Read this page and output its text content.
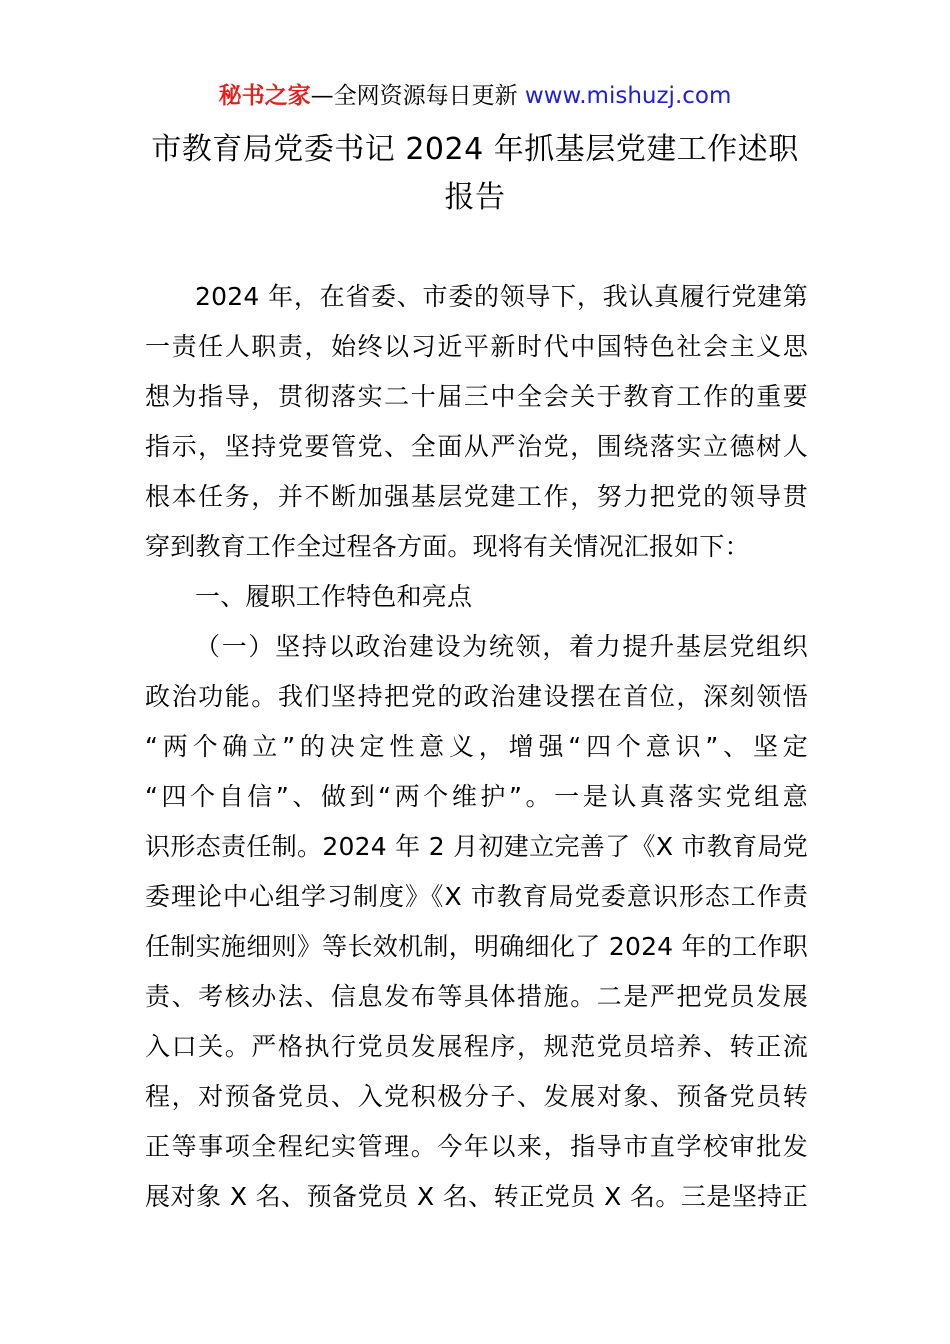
秘书之家—全网资源每日更新 www.mishuzj.com
市教育局党委书记 2024 年抓基层党建工作述职
报告
2024 年，在省委、市委的领导下，我认真履行党建第
一责任人职责，始终以习近平新时代中国特色社会主义思
想为指导，贯彻落实二十届三中全会关于教育工作的重要
指示，坚持党要管党、全面从严治党，围绕落实立德树人
根本任务，并不断加强基层党建工作，努力把党的领导贯
穿到教育工作全过程各方面。现将有关情况汇报如下：
一、履职工作特色和亮点
（一）坚持以政治建设为统领，着力提升基层党组织
政治功能。我们坚持把党的政治建设摆在首位，深刻领悟
“两个确立”的决定性意义，增强“四个意识”、坚定
“四个自信”、做到“两个维护”。一是认真落实党组意
识形态责任制。2024 年 2 月初建立完善了《X 市教育局党
委理论中心组学习制度》《X 市教育局党委意识形态工作责
任制实施细则》等长效机制，明确细化了 2024 年的工作职
责、考核办法、信息发布等具体措施。二是严把党员发展
入口关。严格执行党员发展程序，规范党员培养、转正流
程，对预备党员、入党积极分子、发展对象、预备党员转
正等事项全程纪实管理。今年以来，指导市直学校审批发
展对象 X 名、预备党员 X 名、转正党员 X 名。三是坚持正
